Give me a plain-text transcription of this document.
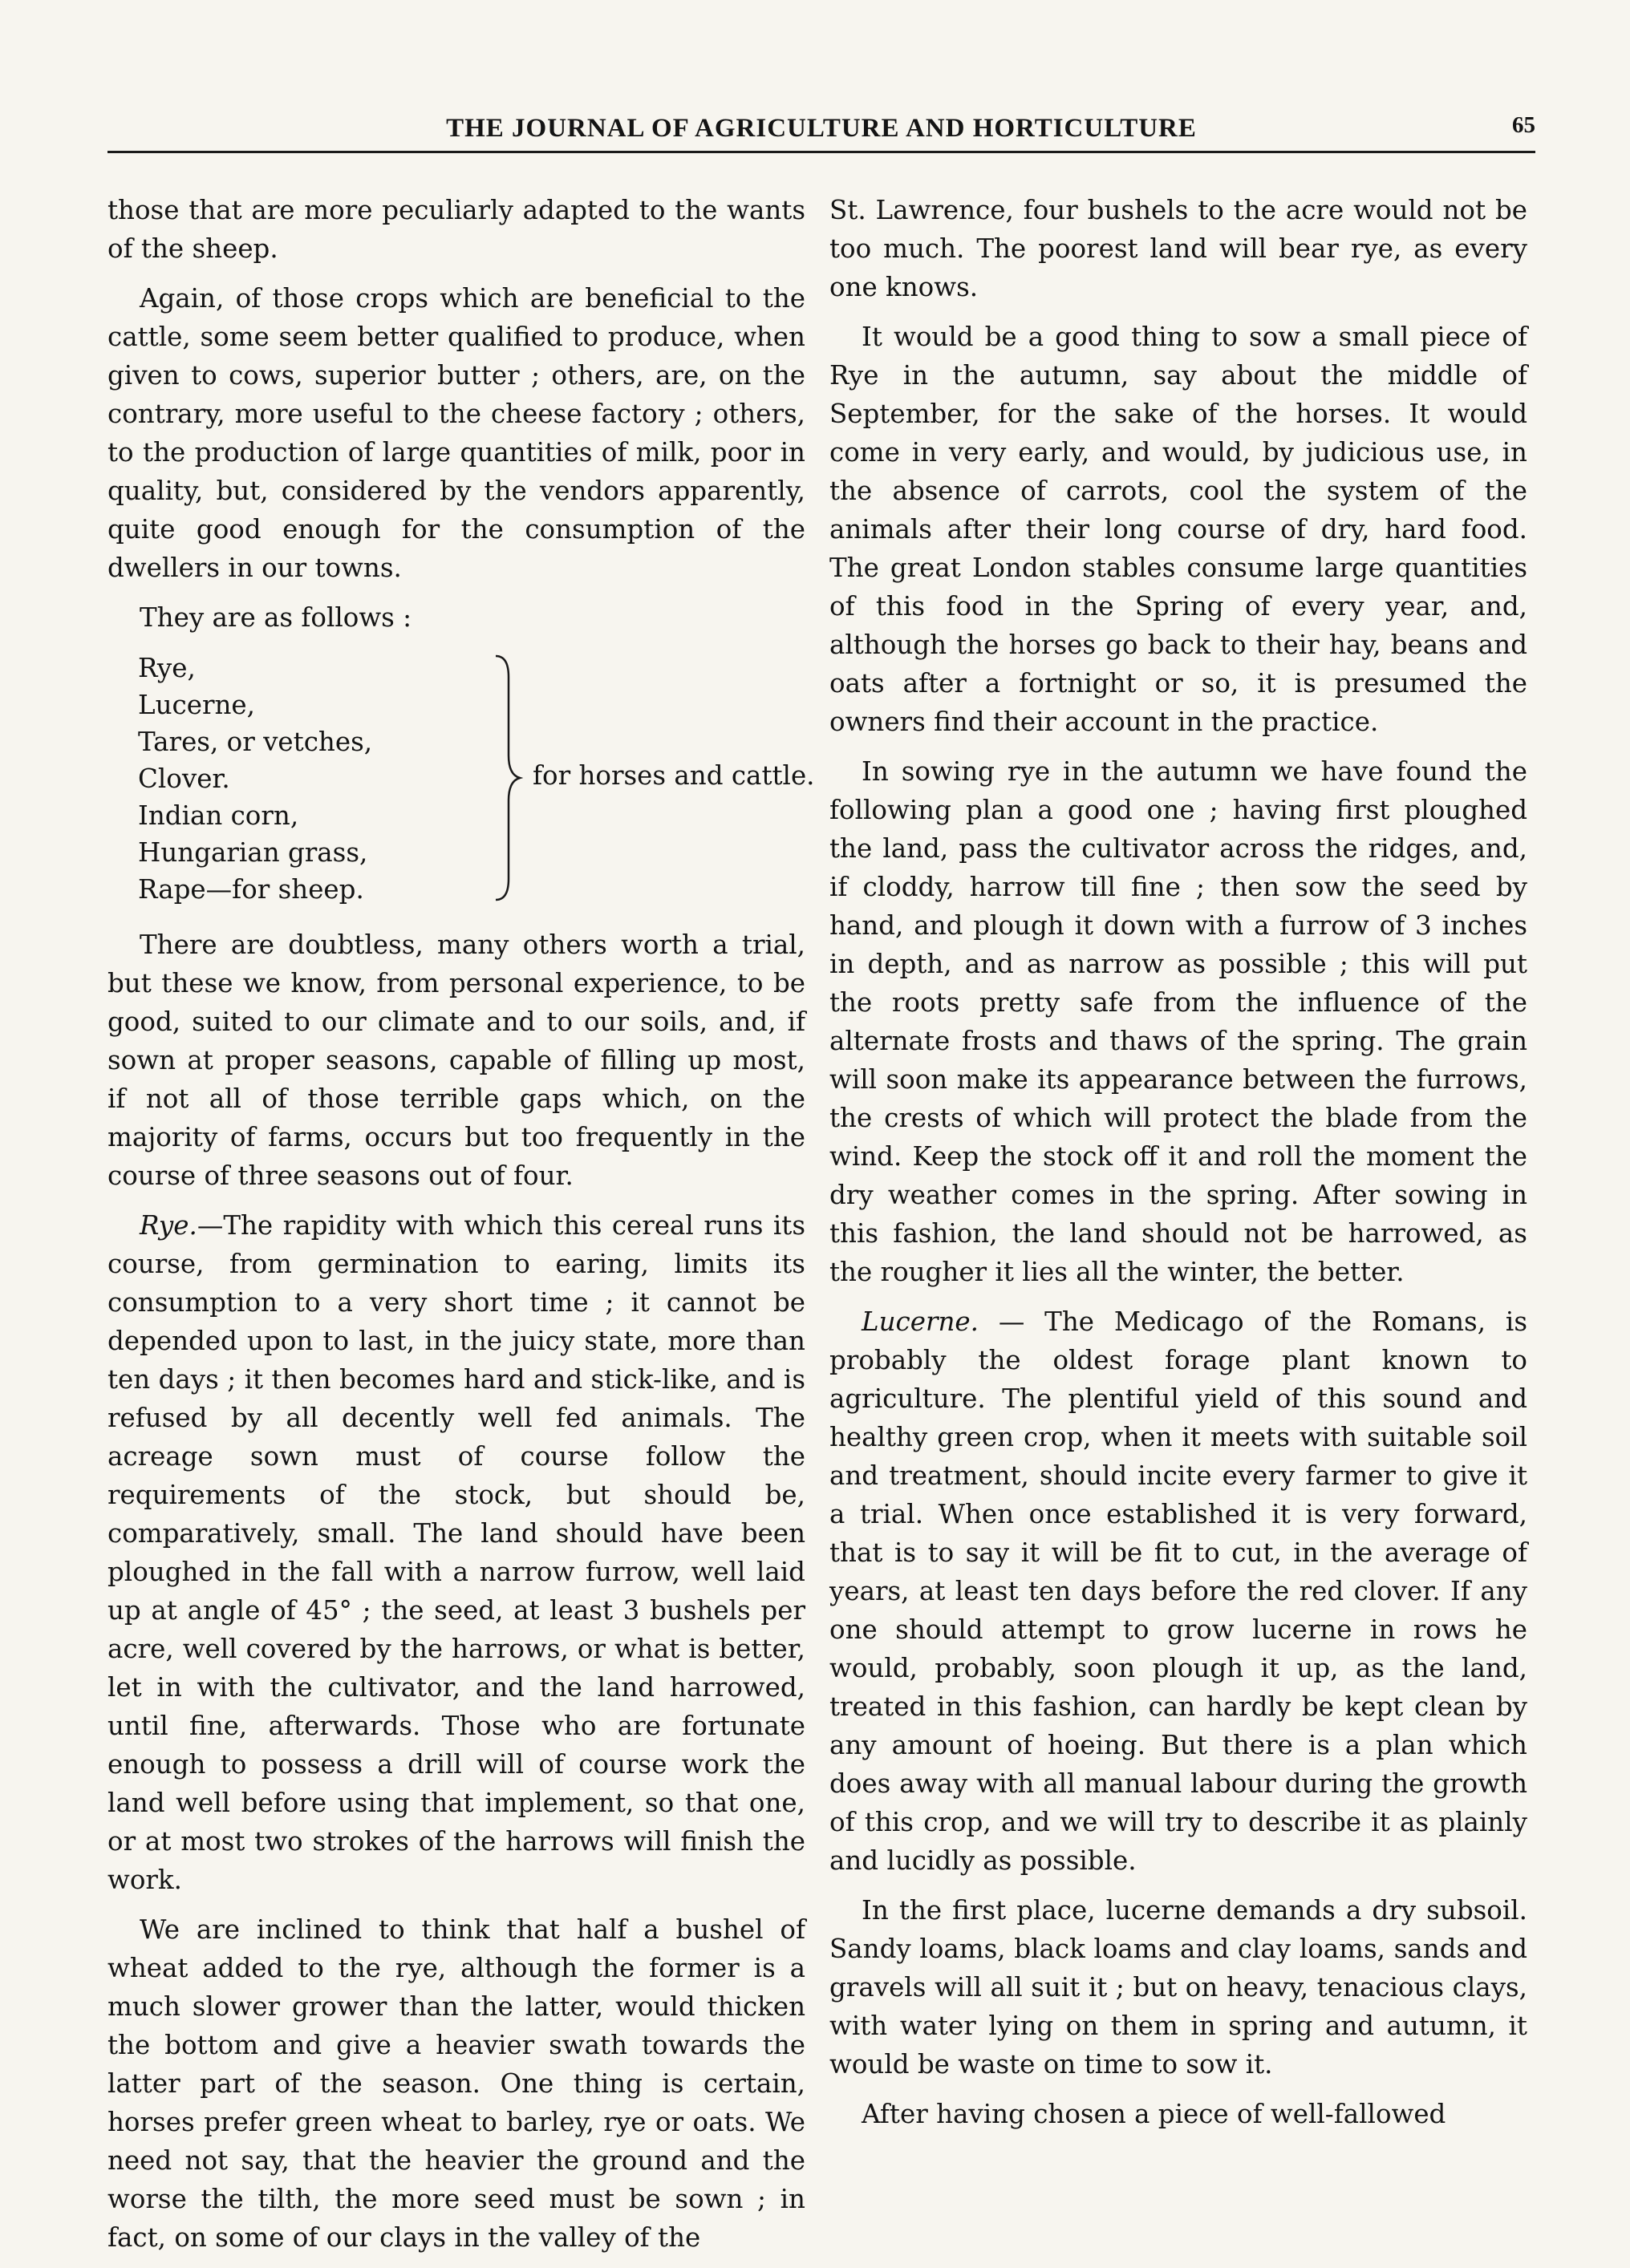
THE JOURNAL OF AGRICULTURE AND HORTICULTURE	65

those that are more peculiarly adapted to the wants of the sheep.

Again, of those crops which are beneficial to the cattle, some seem better qualified to produce, when given to cows, superior butter ; others, are, on the contrary, more useful to the cheese factory ; others, to the production of large quantities of milk, poor in quality, but, considered by the vendors apparently, quite good enough for the consumption of the dwellers in our towns.

They are as follows :

Rye,
Lucerne,
Tares, or vetches,
Clover.
Indian corn,
Hungarian grass,
Rape—for sheep.
for horses and cattle.

There are doubtless, many others worth a trial, but these we know, from personal experience, to be good, suited to our climate and to our soils, and, if sown at proper seasons, capable of filling up most, if not all of those terrible gaps which, on the majority of farms, occurs but too frequently in the course of three seasons out of four.

Rye.—The rapidity with which this cereal runs its course, from germination to earing, limits its consumption to a very short time ; it cannot be depended upon to last, in the juicy state, more than ten days ; it then becomes hard and stick-like, and is refused by all decently well fed animals. The acreage sown must of course follow the requirements of the stock, but should be, comparatively, small. The land should have been ploughed in the fall with a narrow furrow, well laid up at angle of 45° ; the seed, at least 3 bushels per acre, well covered by the harrows, or what is better, let in with the cultivator, and the land harrowed, until fine, afterwards. Those who are fortunate enough to possess a drill will of course work the land well before using that implement, so that one, or at most two strokes of the harrows will finish the work.

We are inclined to think that half a bushel of wheat added to the rye, although the former is a much slower grower than the latter, would thicken the bottom and give a heavier swath towards the latter part of the season. One thing is certain, horses prefer green wheat to barley, rye or oats. We need not say, that the heavier the ground and the worse the tilth, the more seed must be sown ; in fact, on some of our clays in the valley of the

St. Lawrence, four bushels to the acre would not be too much. The poorest land will bear rye, as every one knows.

It would be a good thing to sow a small piece of Rye in the autumn, say about the middle of September, for the sake of the horses. It would come in very early, and would, by judicious use, in the absence of carrots, cool the system of the animals after their long course of dry, hard food. The great London stables consume large quantities of this food in the Spring of every year, and, although the horses go back to their hay, beans and oats after a fortnight or so, it is presumed the owners find their account in the practice.

In sowing rye in the autumn we have found the following plan a good one ; having first ploughed the land, pass the cultivator across the ridges, and, if cloddy, harrow till fine ; then sow the seed by hand, and plough it down with a furrow of 3 inches in depth, and as narrow as possible ; this will put the roots pretty safe from the influence of the alternate frosts and thaws of the spring. The grain will soon make its appearance between the furrows, the crests of which will protect the blade from the wind. Keep the stock off it and roll the moment the dry weather comes in the spring. After sowing in this fashion, the land should not be harrowed, as the rougher it lies all the winter, the better.

Lucerne. — The Medicago of the Romans, is probably the oldest forage plant known to agriculture. The plentiful yield of this sound and healthy green crop, when it meets with suitable soil and treatment, should incite every farmer to give it a trial. When once established it is very forward, that is to say it will be fit to cut, in the average of years, at least ten days before the red clover. If any one should attempt to grow lucerne in rows he would, probably, soon plough it up, as the land, treated in this fashion, can hardly be kept clean by any amount of hoeing. But there is a plan which does away with all manual labour during the growth of this crop, and we will try to describe it as plainly and lucidly as possible.

In the first place, lucerne demands a dry subsoil. Sandy loams, black loams and clay loams, sands and gravels will all suit it ; but on heavy, tenacious clays, with water lying on them in spring and autumn, it would be waste on time to sow it.

After having chosen a piece of well-fallowed
